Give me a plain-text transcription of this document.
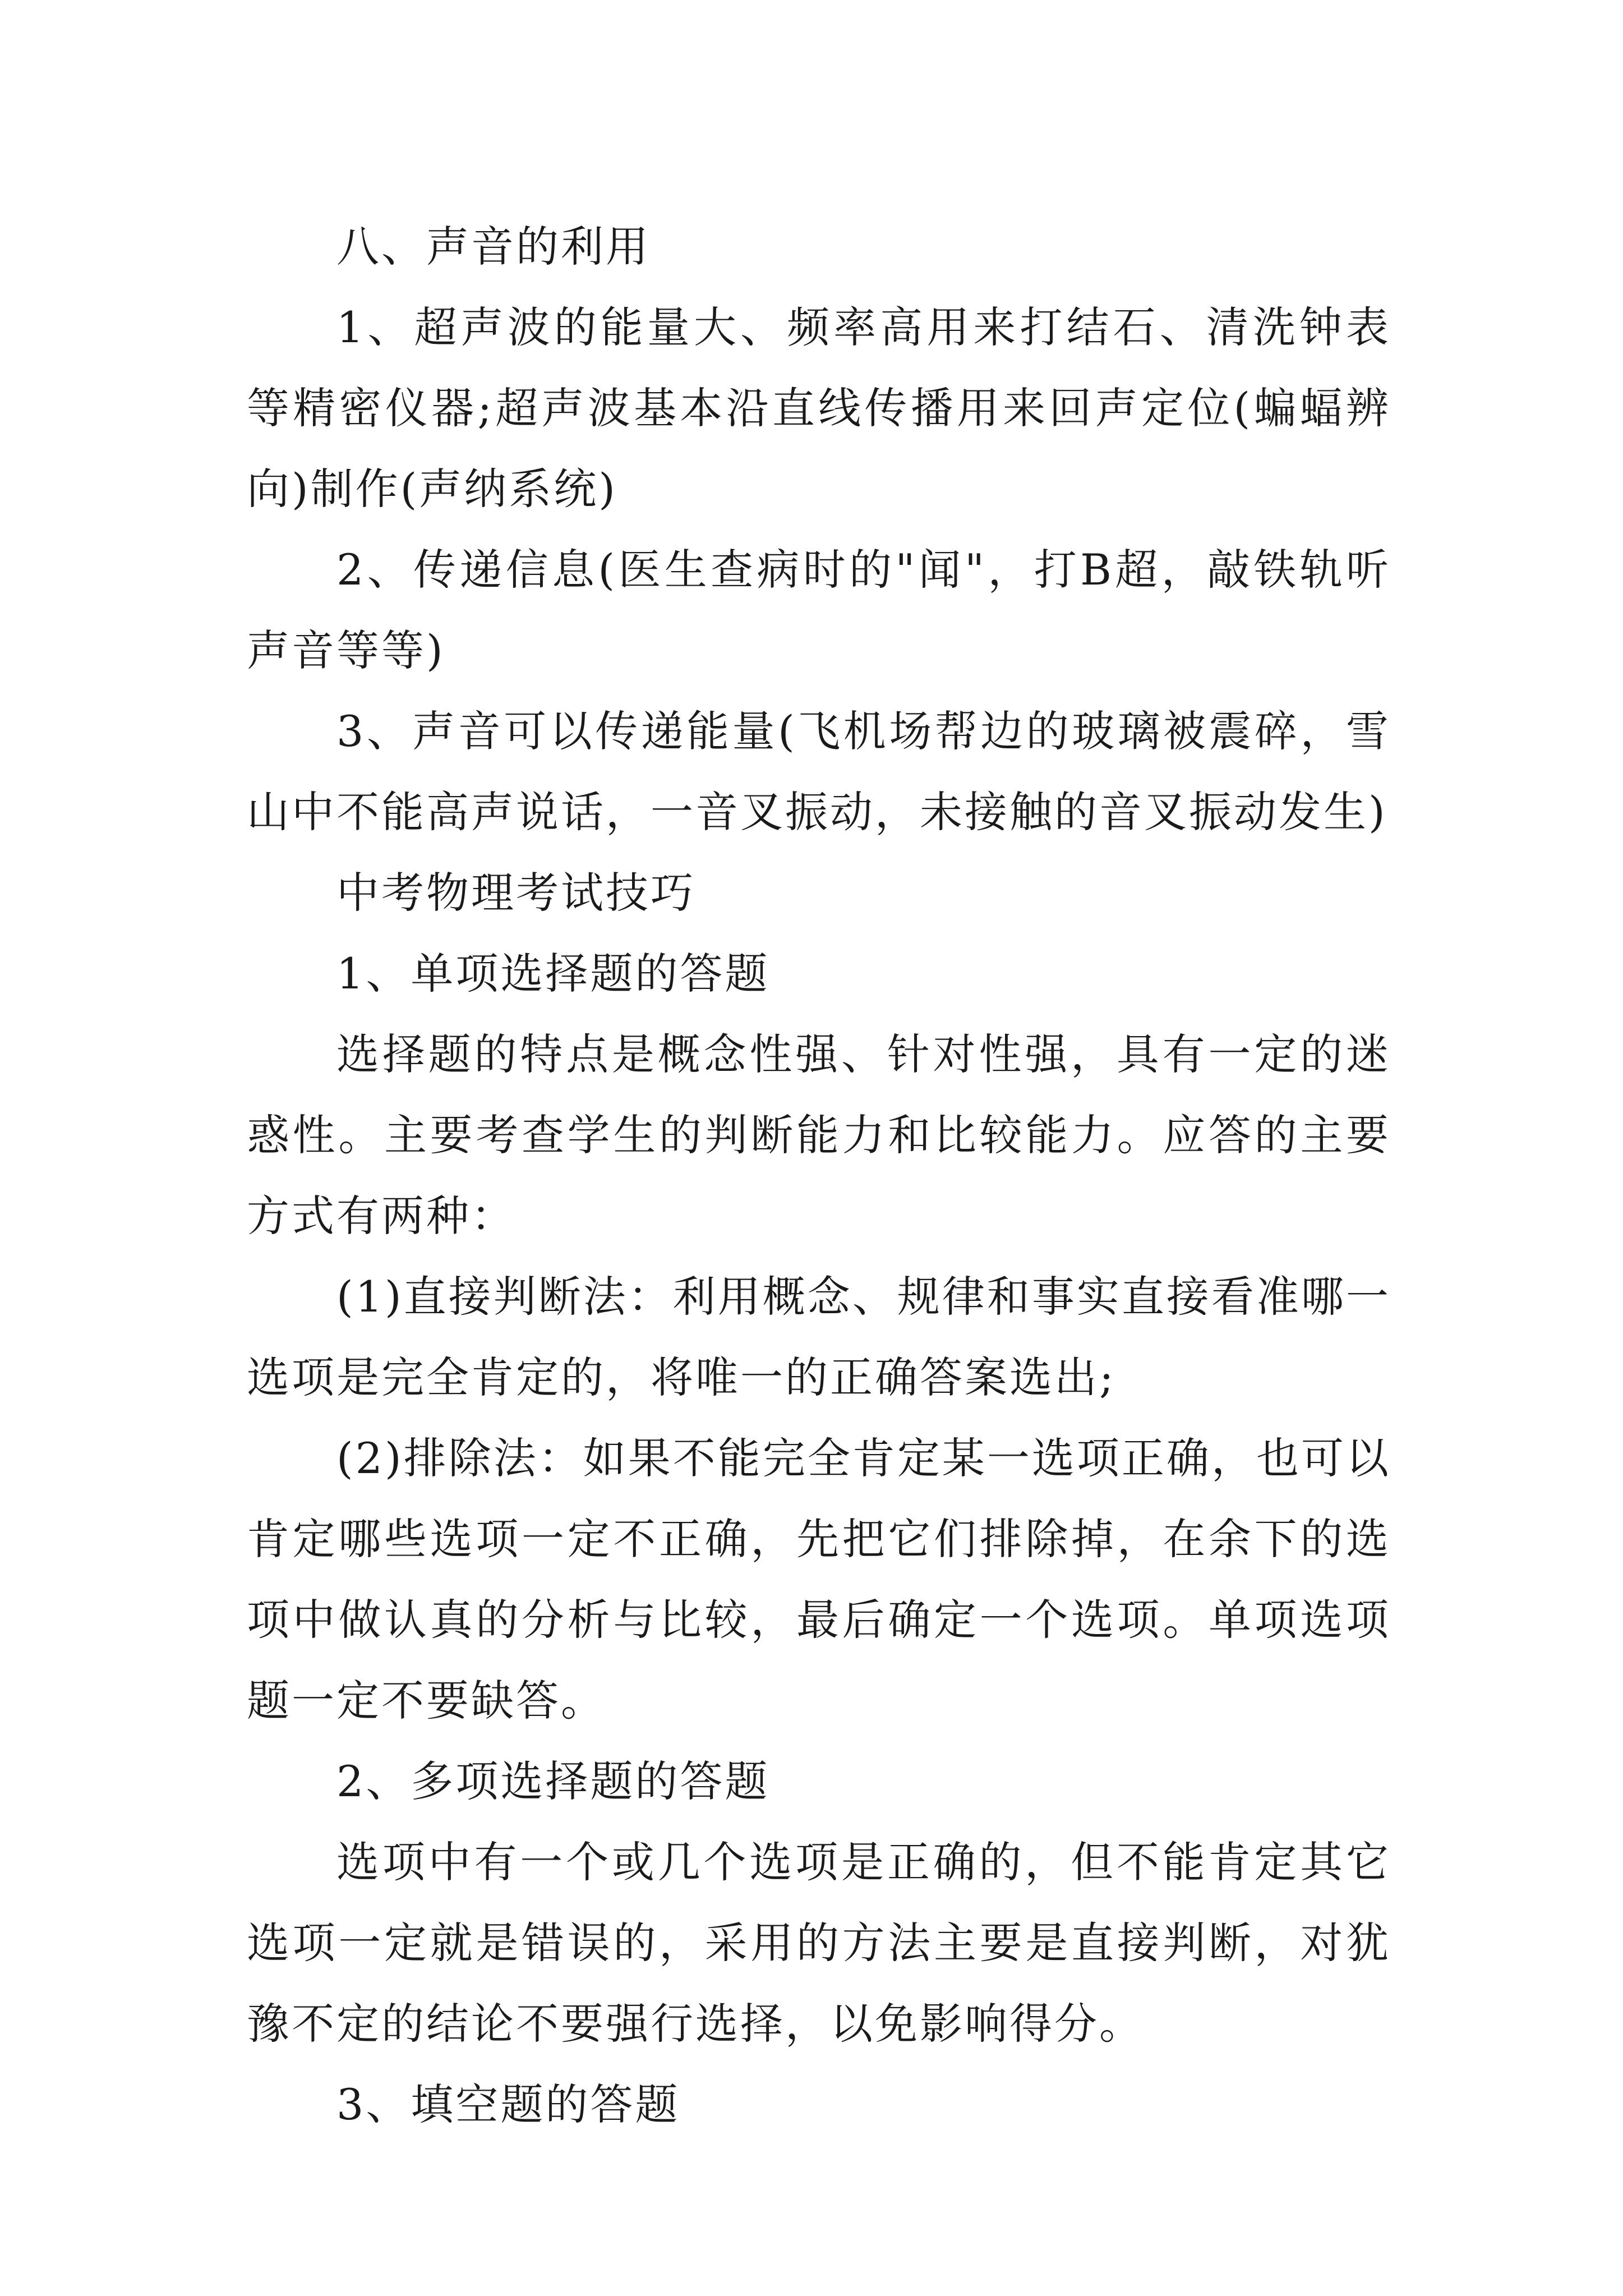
八、声音的利用

1、超声波的能量大、频率高用来打结石、清洗钟表等精密仪器;超声波基本沿直线传播用来回声定位(蝙蝠辨向)制作(声纳系统)

2、传递信息(医生查病时的"闻"，打B超，敲铁轨听声音等等)

3、声音可以传递能量(飞机场帮边的玻璃被震碎，雪山中不能高声说话，一音叉振动，未接触的音叉振动发生)

中考物理考试技巧

1、单项选择题的答题

选择题的特点是概念性强、针对性强，具有一定的迷惑性。主要考查学生的判断能力和比较能力。应答的主要方式有两种：

(1)直接判断法：利用概念、规律和事实直接看准哪一选项是完全肯定的，将唯一的正确答案选出;

(2)排除法：如果不能完全肯定某一选项正确，也可以肯定哪些选项一定不正确，先把它们排除掉，在余下的选项中做认真的分析与比较，最后确定一个选项。单项选项题一定不要缺答。

2、多项选择题的答题

选项中有一个或几个选项是正确的，但不能肯定其它选项一定就是错误的，采用的方法主要是直接判断，对犹豫不定的结论不要强行选择，以免影响得分。

3、填空题的答题
